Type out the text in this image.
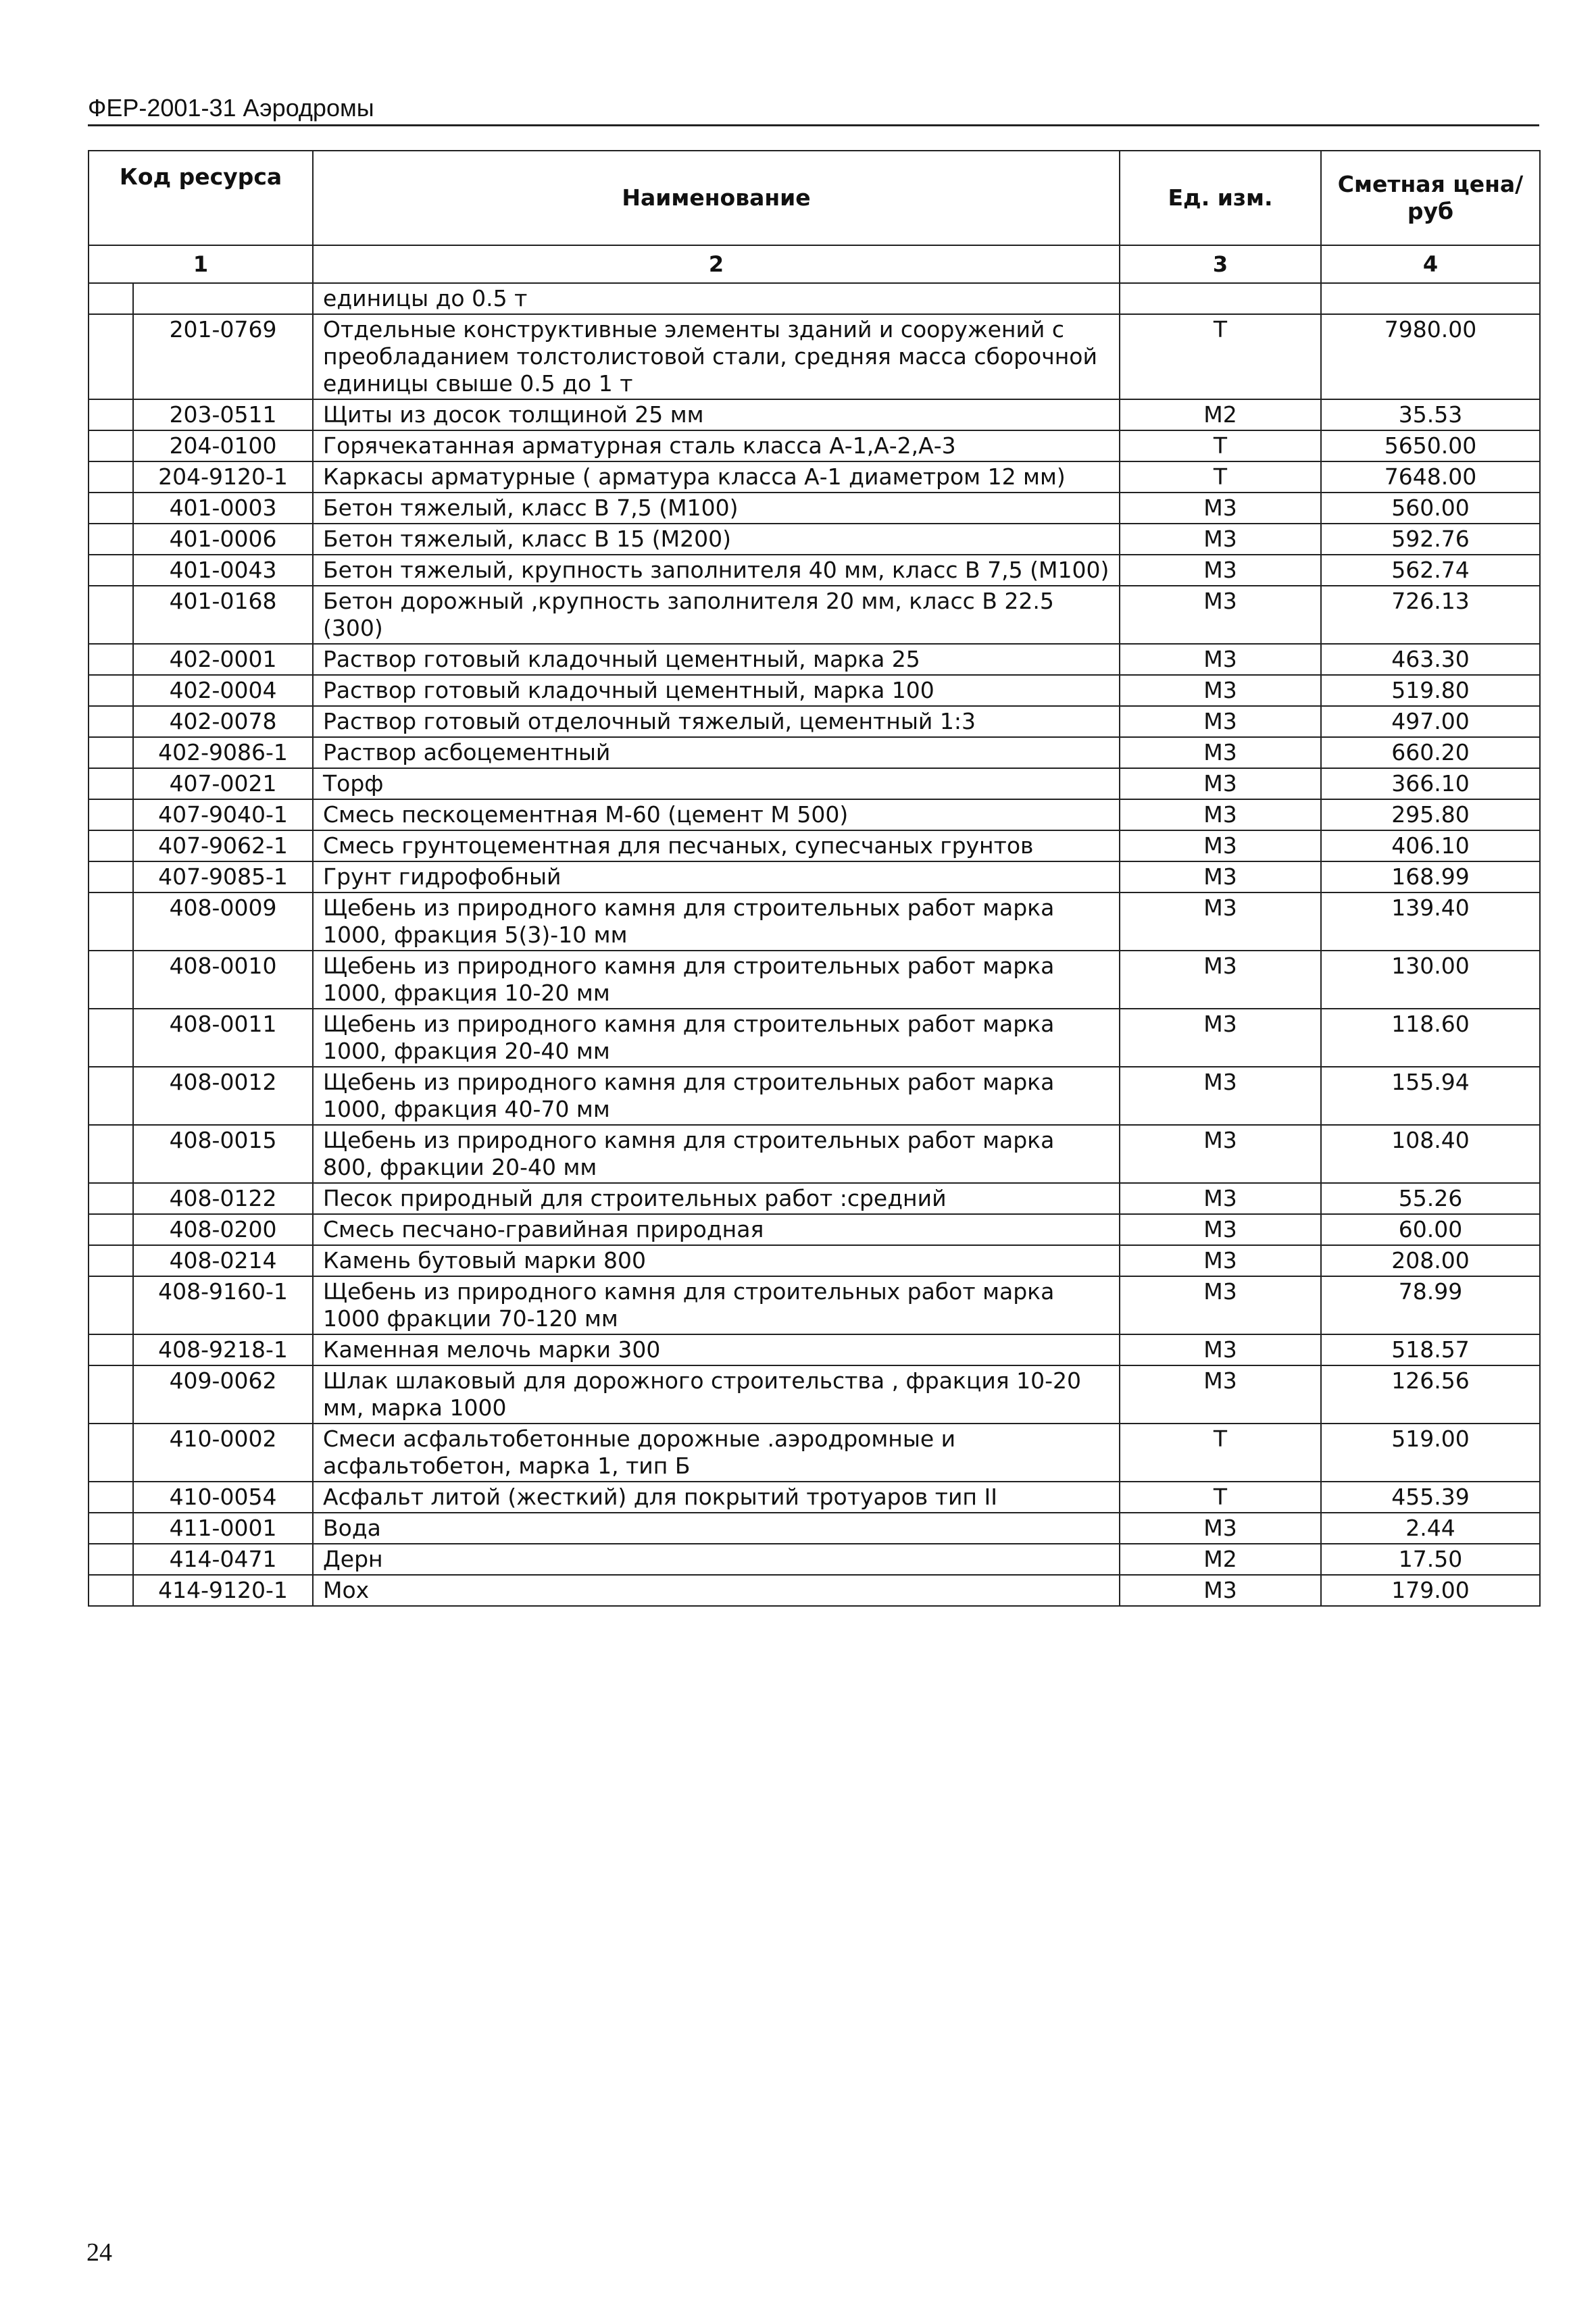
ФЕР-2001-31 Аэродромы
Код ресурса		Наименование	Ед. изм.	Сметная цена/руб
1		2	3	4
		единицы до 0.5 т		
	201-0769	Отдельные конструктивные элементы зданий и сооружений с преобладанием толстолистовой стали, средняя масса сборочной единицы свыше 0.5 до 1 т	Т	7980.00
	203-0511	Щиты из досок толщиной 25 мм	М2	35.53
	204-0100	Горячекатанная арматурная сталь класса А-1,А-2,А-3	Т	5650.00
	204-9120-1	Каркасы арматурные ( арматура класса А-1 диаметром 12 мм)	Т	7648.00
	401-0003	Бетон тяжелый, класс В 7,5 (М100)	М3	560.00
	401-0006	Бетон тяжелый, класс В 15 (М200)	М3	592.76
	401-0043	Бетон тяжелый, крупность заполнителя 40 мм, класс В 7,5 (М100)	М3	562.74
	401-0168	Бетон дорожный ,крупность заполнителя 20 мм, класс В 22.5 (300)	М3	726.13
	402-0001	Раствор готовый кладочный цементный, марка 25	М3	463.30
	402-0004	Раствор готовый кладочный цементный, марка 100	М3	519.80
	402-0078	Раствор готовый отделочный тяжелый, цементный 1:3	М3	497.00
	402-9086-1	Раствор асбоцементный	М3	660.20
	407-0021	Торф	М3	366.10
	407-9040-1	Смесь пескоцементная М-60 (цемент М 500)	М3	295.80
	407-9062-1	Смесь грунтоцементная для песчаных, супесчаных грунтов	М3	406.10
	407-9085-1	Грунт гидрофобный	М3	168.99
	408-0009	Щебень из природного камня для строительных работ марка 1000, фракция 5(3)-10 мм	М3	139.40
	408-0010	Щебень из природного камня для строительных работ марка 1000, фракция 10-20 мм	М3	130.00
	408-0011	Щебень из природного камня для строительных работ марка 1000, фракция 20-40 мм	М3	118.60
	408-0012	Щебень из природного камня для строительных работ марка 1000, фракция 40-70 мм	М3	155.94
	408-0015	Щебень из природного камня для строительных работ марка 800, фракции 20-40 мм	М3	108.40
	408-0122	Песок природный для строительных работ :средний	М3	55.26
	408-0200	Смесь песчано-гравийная природная	М3	60.00
	408-0214	Камень бутовый марки 800	М3	208.00
	408-9160-1	Щебень из природного камня для строительных работ марка 1000 фракции 70-120 мм	М3	78.99
	408-9218-1	Каменная мелочь марки 300	М3	518.57
	409-0062	Шлак шлаковый для дорожного строительства , фракция 10-20 мм, марка 1000	М3	126.56
	410-0002	Смеси асфальтобетонные дорожные .аэродромные и асфальтобетон, марка 1, тип Б	Т	519.00
	410-0054	Асфальт литой (жесткий) для покрытий тротуаров тип II	Т	455.39
	411-0001	Вода	М3	2.44
	414-0471	Дерн	М2	17.50
	414-9120-1	Мох	М3	179.00
24
